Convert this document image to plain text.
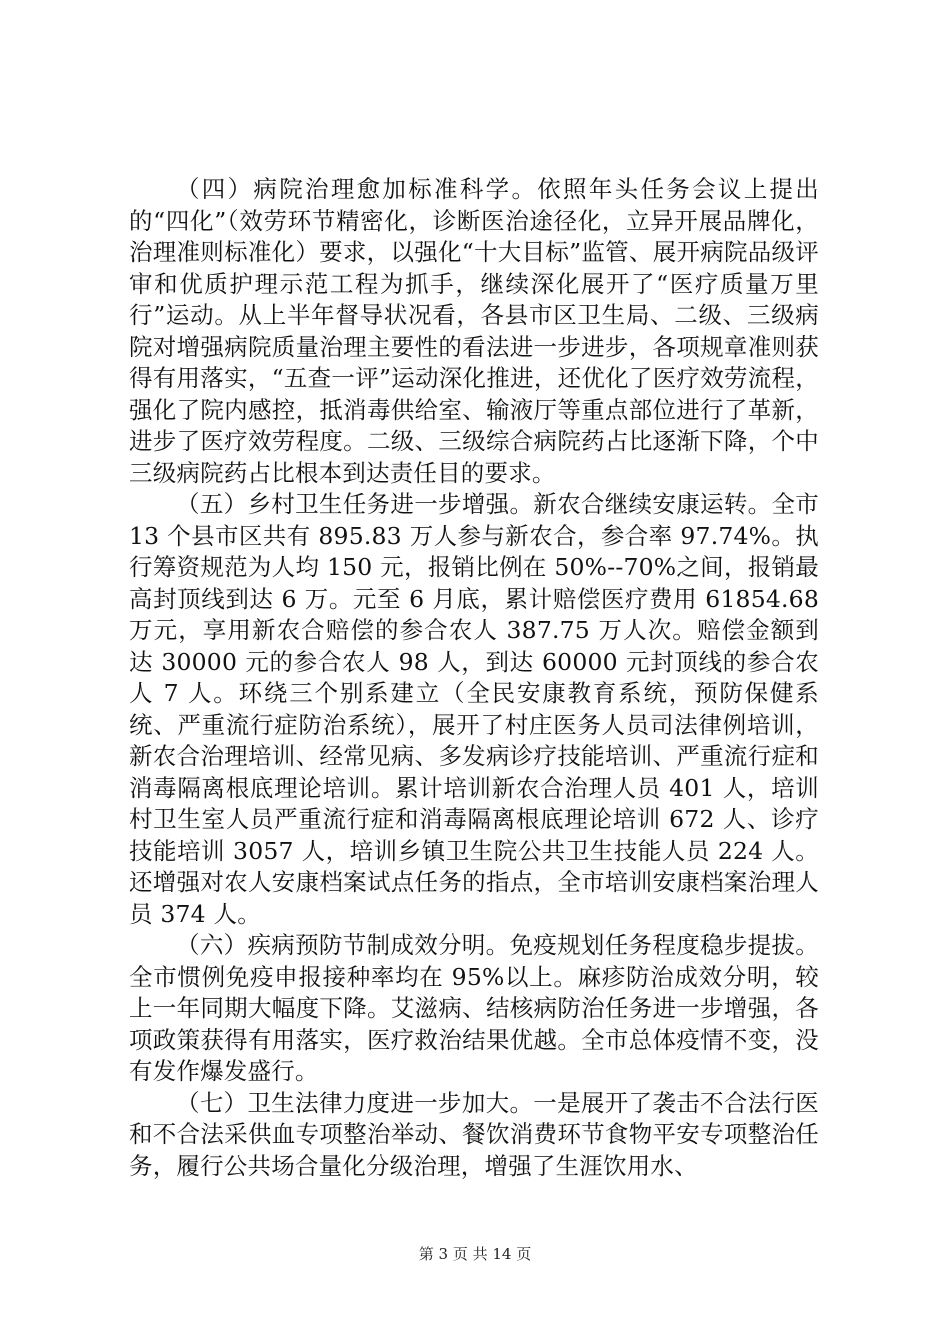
（四）病院治理愈加标准科学。依照年头任务会议上提出的“四化”（效劳环节精密化，诊断医治途径化，立异开展品牌化，治理准则标准化）要求，以强化“十大目标”监管、展开病院品级评审和优质护理示范工程为抓手，继续深化展开了“医疗质量万里行”运动。从上半年督导状况看，各县市区卫生局、二级、三级病院对增强病院质量治理主要性的看法进一步进步，各项规章准则获得有用落实，“五查一评”运动深化推进，还优化了医疗效劳流程，强化了院内感控，抵消毒供给室、输液厅等重点部位进行了革新，进步了医疗效劳程度。二级、三级综合病院药占比逐渐下降，个中三级病院药占比根本到达责任目的要求。

（五）乡村卫生任务进一步增强。新农合继续安康运转。全市 13 个县市区共有 895.83 万人参与新农合，参合率 97.74%。执行筹资规范为人均 150 元，报销比例在 50%--70%之间，报销最高封顶线到达 6 万。元至 6 月底，累计赔偿医疗费用 61854.68 万元，享用新农合赔偿的参合农人 387.75 万人次。赔偿金额到达 30000 元的参合农人 98 人，到达 60000 元封顶线的参合农人 7 人。环绕三个别系建立（全民安康教育系统，预防保健系统、严重流行症防治系统），展开了村庄医务人员司法律例培训，新农合治理培训、经常见病、多发病诊疗技能培训、严重流行症和消毒隔离根底理论培训。累计培训新农合治理人员 401 人，培训村卫生室人员严重流行症和消毒隔离根底理论培训 672 人、诊疗技能培训 3057 人，培训乡镇卫生院公共卫生技能人员 224 人。还增强对农人安康档案试点任务的指点，全市培训安康档案治理人员 374 人。

（六）疾病预防节制成效分明。免疫规划任务程度稳步提拔。全市惯例免疫申报接种率均在 95%以上。麻疹防治成效分明，较上一年同期大幅度下降。艾滋病、结核病防治任务进一步增强，各项政策获得有用落实，医疗救治结果优越。全市总体疫情不变，没有发作爆发盛行。

（七）卫生法律力度进一步加大。一是展开了袭击不合法行医和不合法采供血专项整治举动、餐饮消费环节食物平安专项整治任务，履行公共场合量化分级治理，增强了生涯饮用水、

第 3 页 共 14 页
